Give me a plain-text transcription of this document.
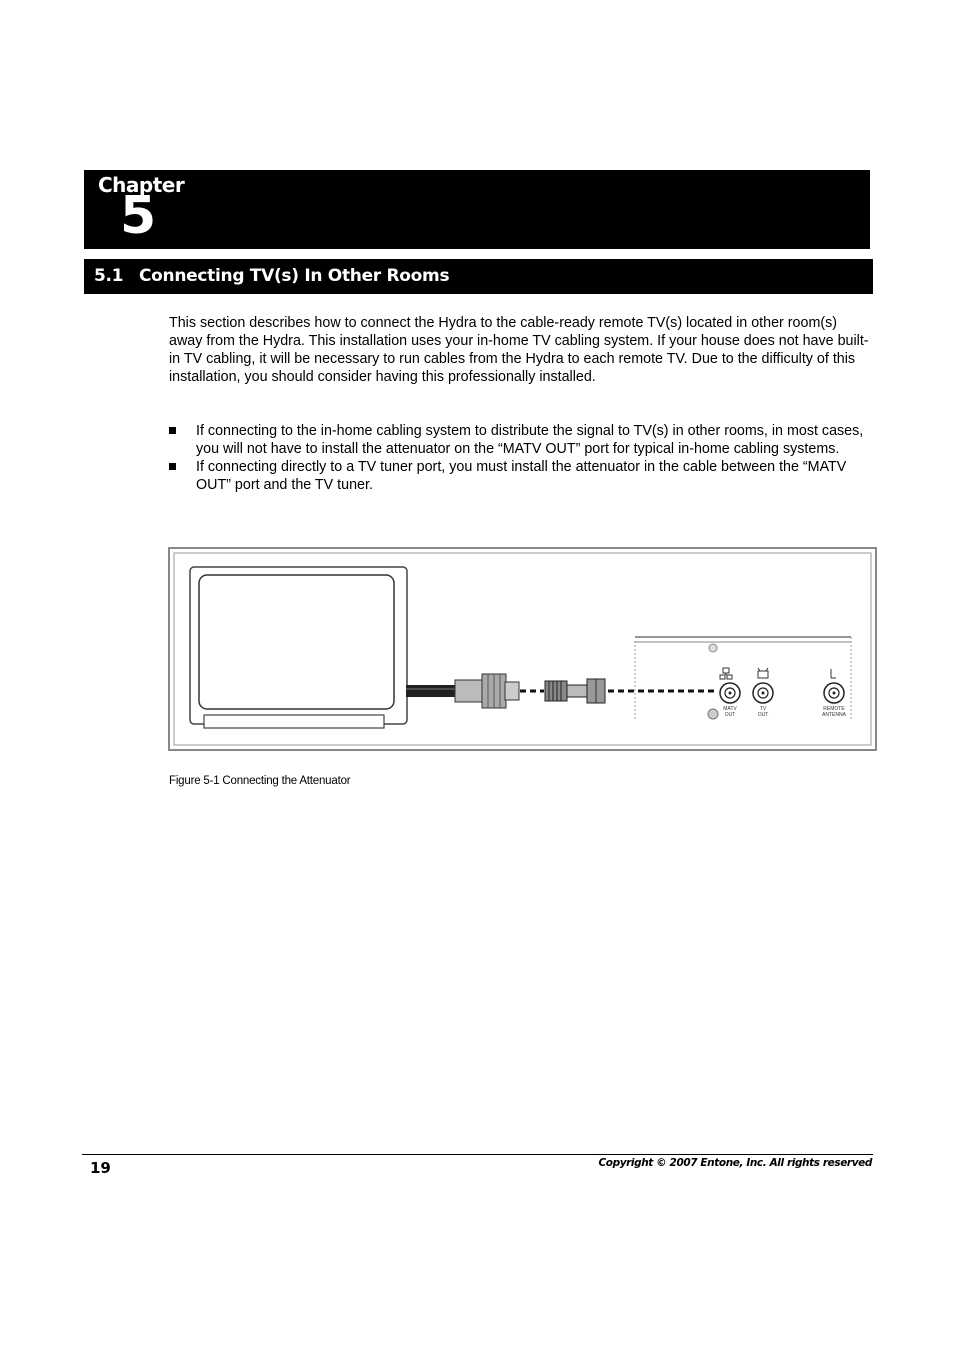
Chapter
5
5.1 Connecting TV(s) In Other Rooms

This section describes how to connect the Hydra to the cable-ready remote TV(s) located in other room(s) away from the Hydra. This installation uses your in-home TV cabling system. If your house does not have built-in TV cabling, it will be necessary to run cables from the Hydra to each remote TV. Due to the difficulty of this installation, you should consider having this professionally installed.

If connecting to the in-home cabling system to distribute the signal to TV(s) in other rooms, in most cases, you will not have to install the attenuator on the “MATV OUT” port for typical in-home cabling systems.
If connecting directly to a TV tuner port, you must install the attenuator in the cable between the “MATV OUT” port and the TV tuner.
MATV
OUT
TV
OUT
REMOTE
ANTENNA
Figure 5-1 Connecting the Attenuator
19	Copyright © 2007 Entone, Inc. All rights reserved
